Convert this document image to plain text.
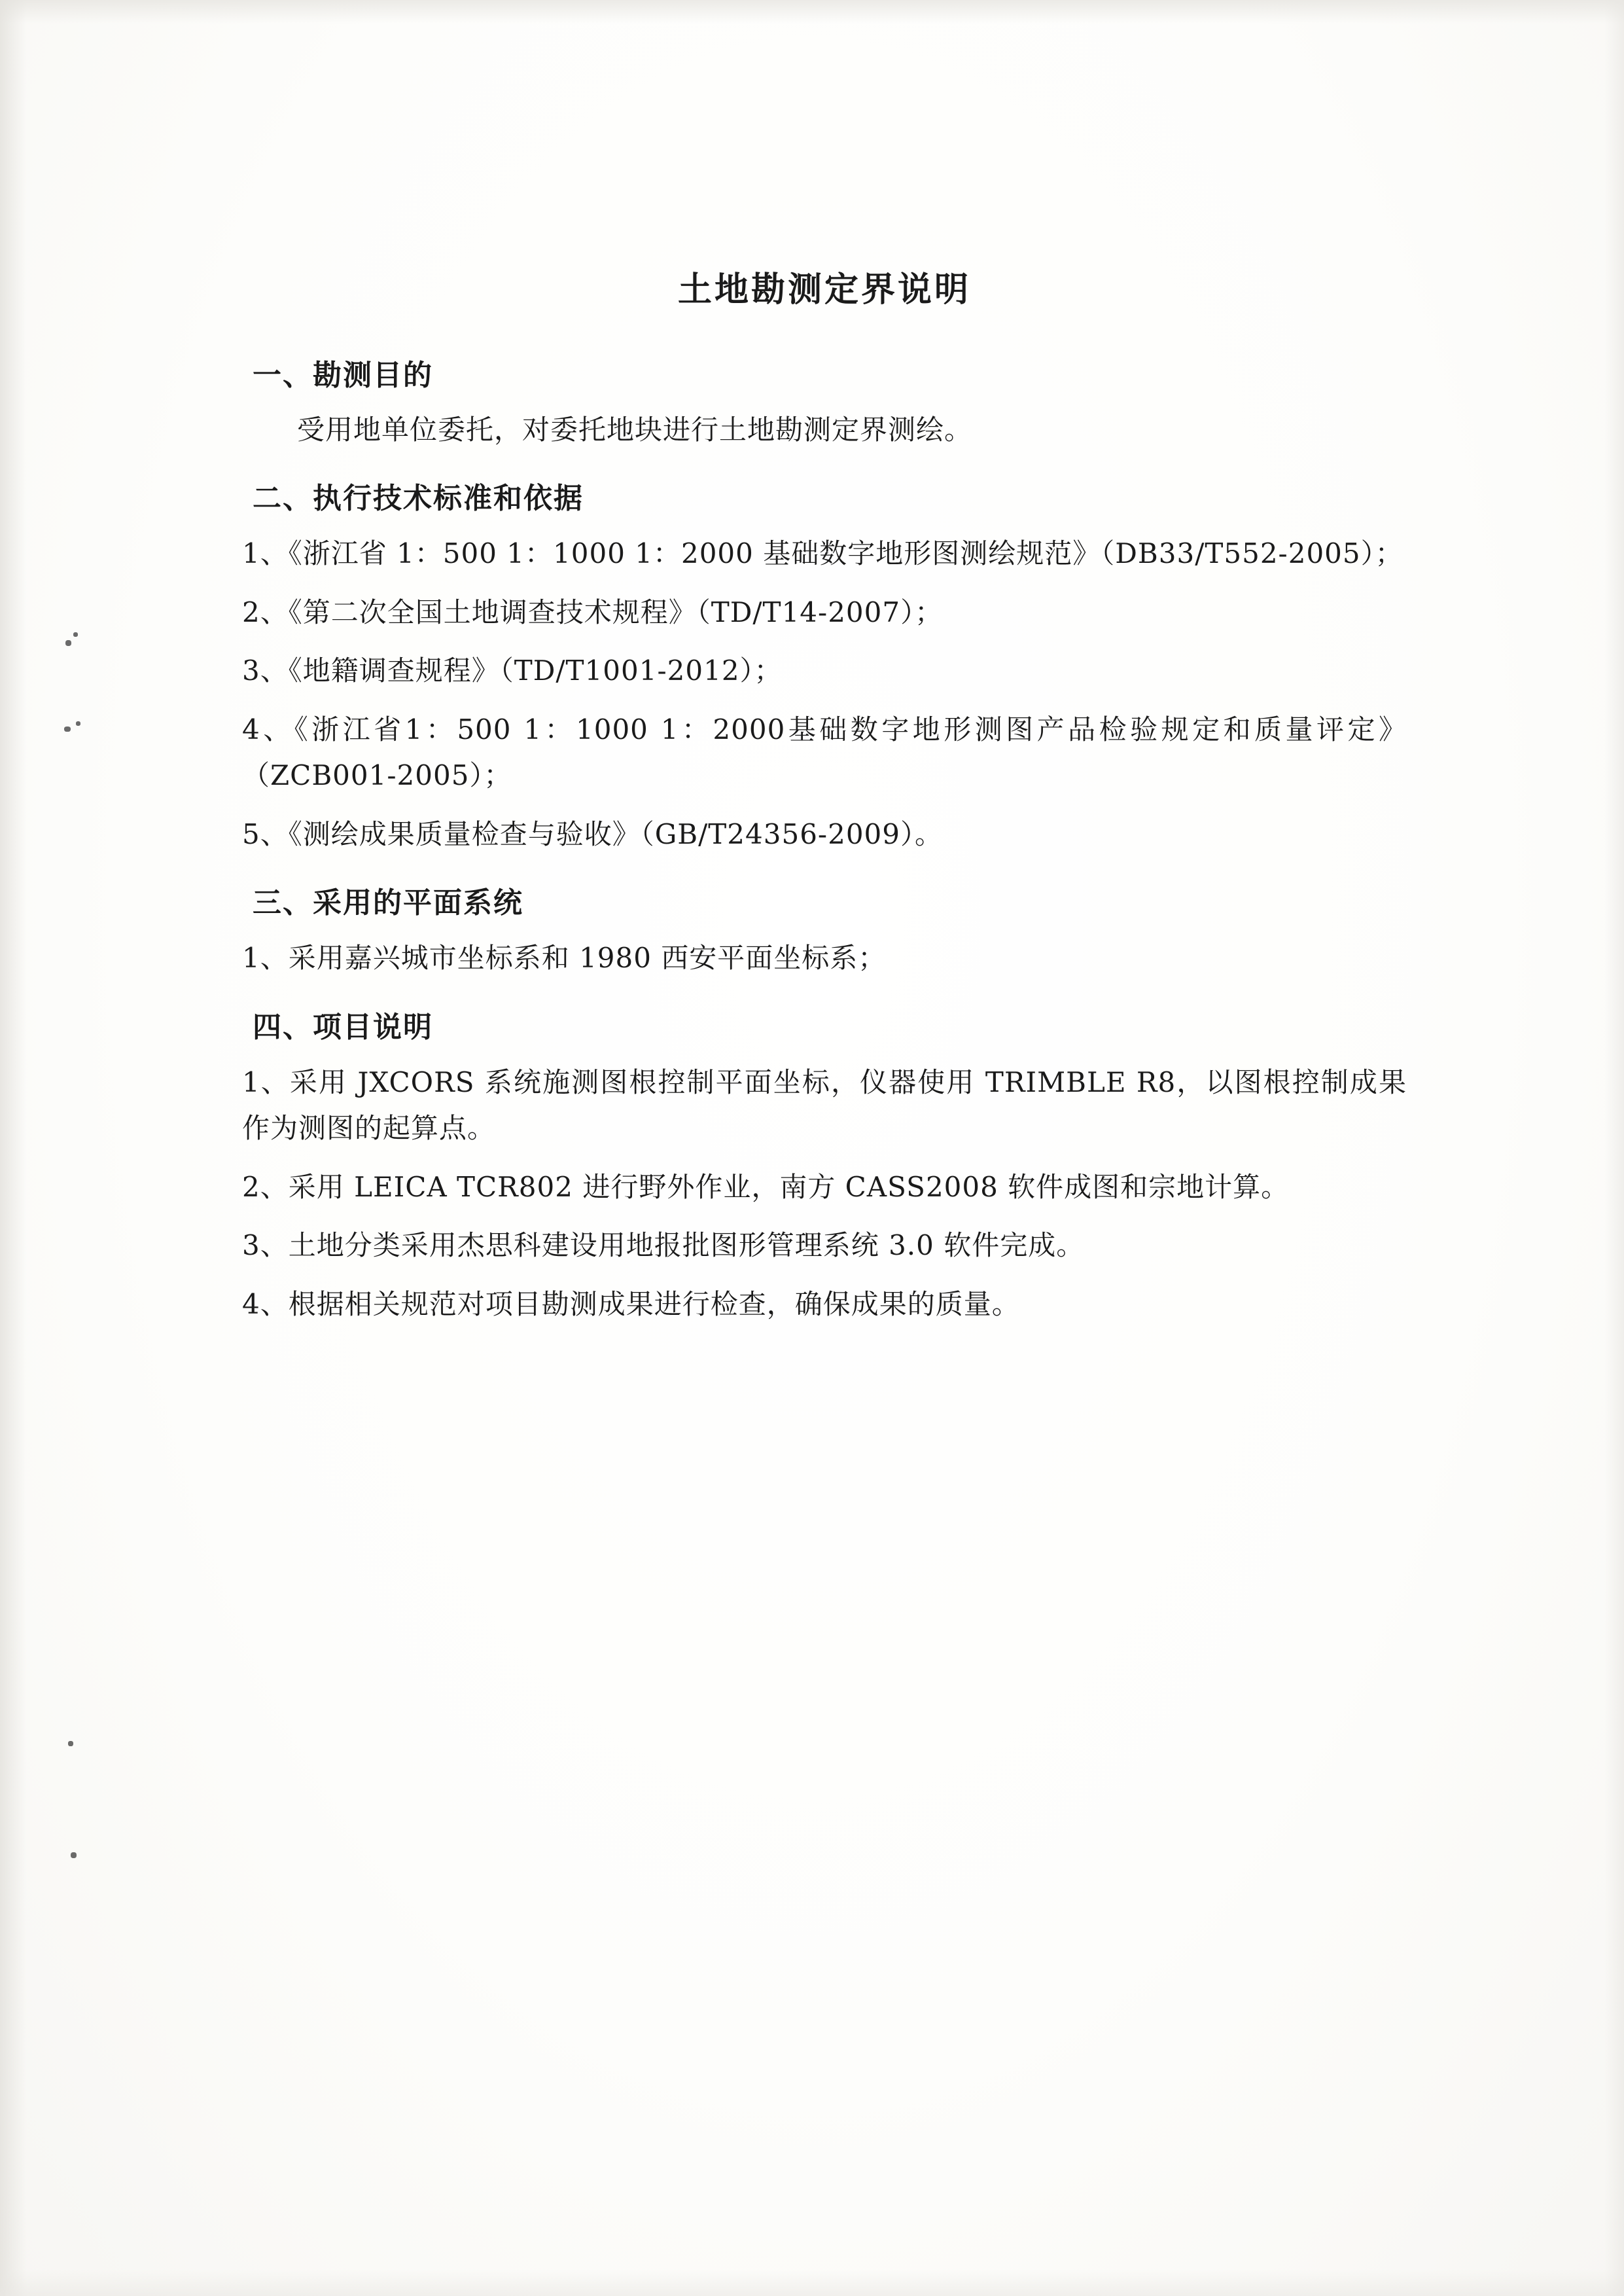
土地勘测定界说明
一、勘测目的

受用地单位委托，对委托地块进行土地勘测定界测绘。

二、执行技术标准和依据

1、《浙江省 1：500 1：1000 1：2000 基础数字地形图测绘规范》（DB33/T552-2005）；

2、《第二次全国土地调查技术规程》（TD/T14-2007）；

3、《地籍调查规程》（TD/T1001-2012）；

4、《浙江省1：500 1：1000 1：2000基础数字地形测图产品检验规定和质量评定》（ZCB001-2005）；

5、《测绘成果质量检查与验收》（GB/T24356-2009）。

三、采用的平面系统

1、采用嘉兴城市坐标系和 1980 西安平面坐标系；

四、项目说明

1、采用 JXCORS 系统施测图根控制平面坐标，仪器使用 TRIMBLE R8，以图根控制成果作为测图的起算点。

2、采用 LEICA TCR802 进行野外作业，南方 CASS2008 软件成图和宗地计算。

3、土地分类采用杰思科建设用地报批图形管理系统 3.0 软件完成。

4、根据相关规范对项目勘测成果进行检查，确保成果的质量。
